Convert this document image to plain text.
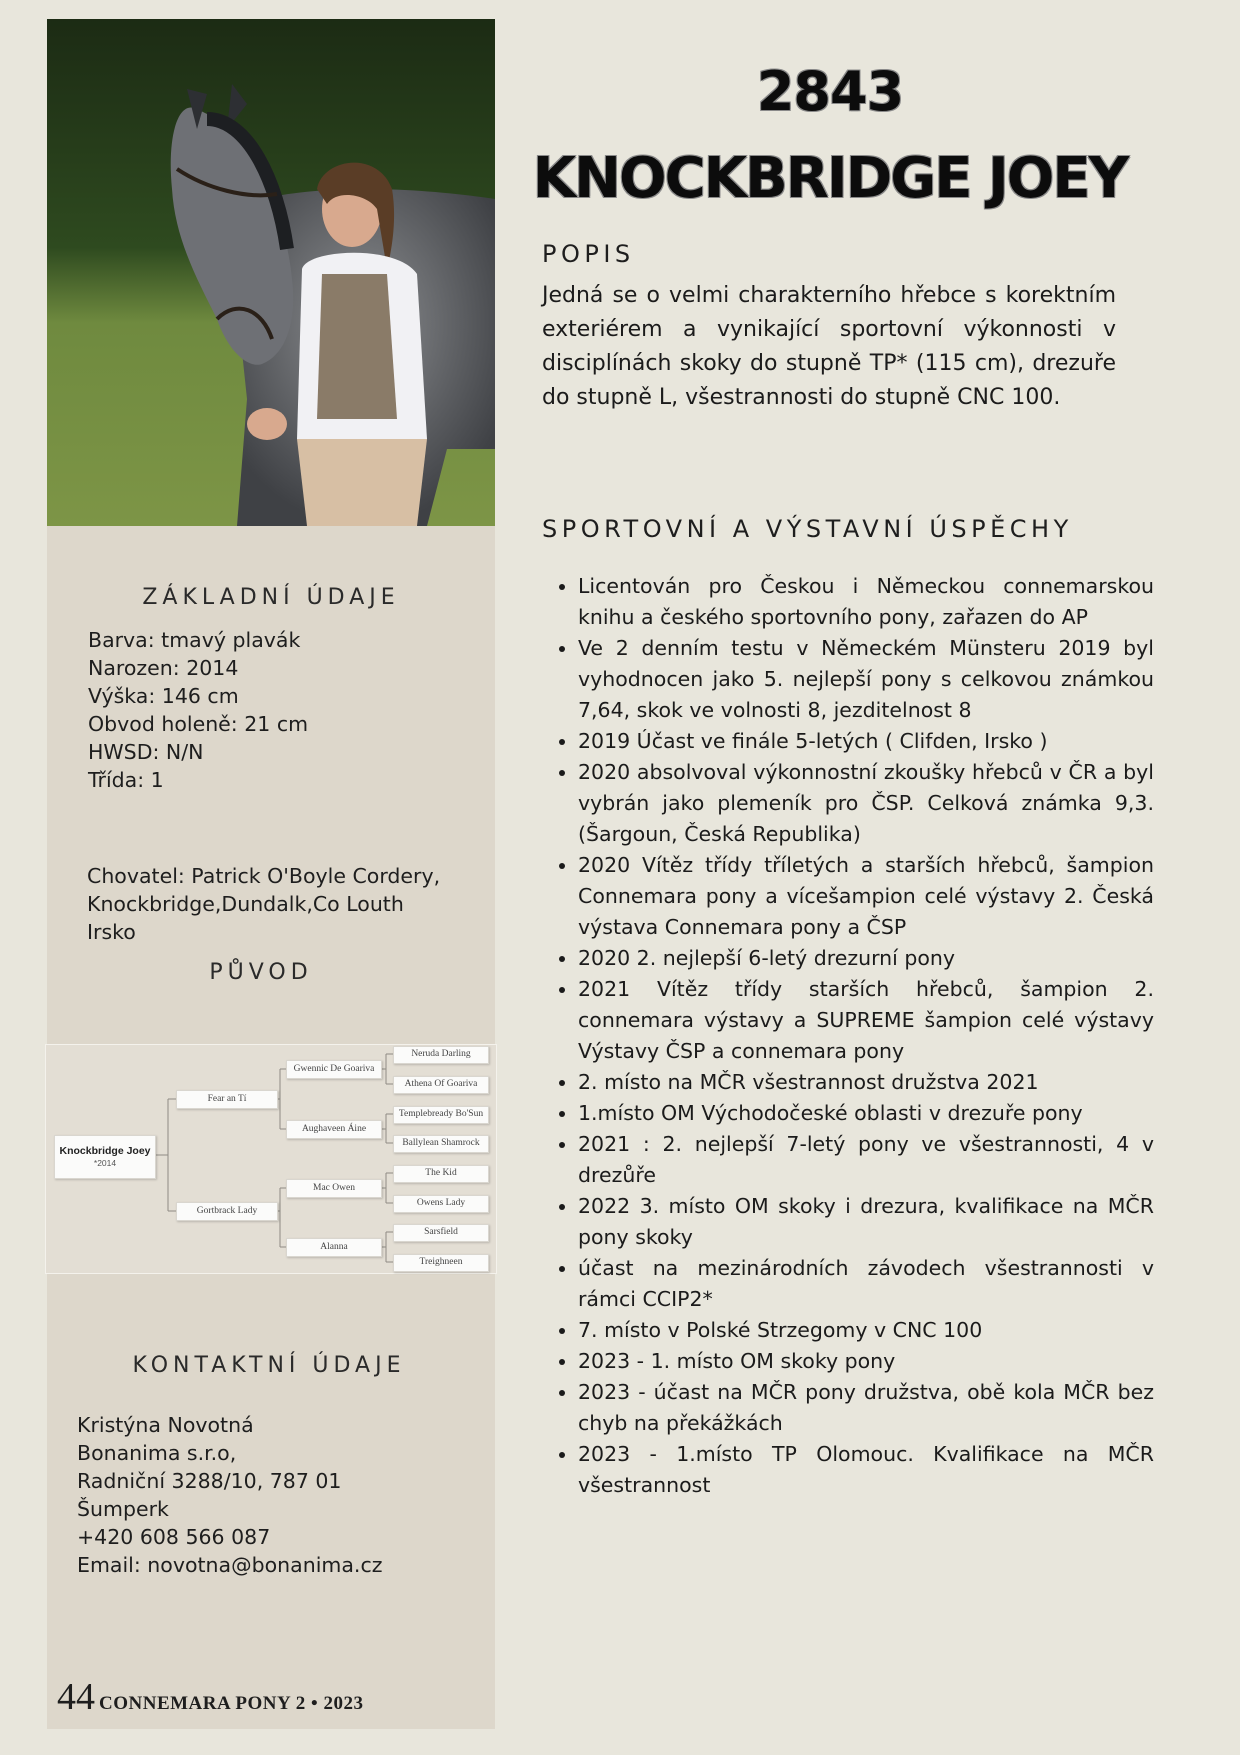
ZÁKLADNÍ ÚDAJE
Barva: tmavý plavák
Narozen: 2014
Výška: 146 cm
Obvod holeně: 21 cm
HWSD: N/N
Třída: 1
Chovatel: Patrick O'Boyle Cordery,
Knockbridge,Dundalk,Co Louth
Irsko
PŮVOD
Knockbridge Joey
*2014
Fear an Tí
Gortbrack Lady
Gwennic De Goariva
Aughaveen Áine
Mac Owen
Alanna
Neruda Darling
Athena Of Goariva
Templebready Bo'Sun
Ballylean Shamrock
The Kid
Owens Lady
Sarsfield
Treighneen
KONTAKTNÍ ÚDAJE
Kristýna Novotná
Bonanima s.r.o,
Radniční 3288/10, 787 01
Šumperk
+420 608 566 087
Email: novotna@bonanima.cz
44 CONNEMARA PONY 2 • 2023
2843
KNOCKBRIDGE JOEY
POPIS

Jedná se o velmi charakterního hřebce s korektním exteriérem a vynikající sportovní výkonnosti v disciplínách skoky do stupně TP* (115 cm), drezuře do stupně L, všestrannosti do stupně CNC 100.

SPORTOVNÍ A VÝSTAVNÍ ÚSPĚCHY
• Licentován pro Českou i Německou connemarskou knihu a českého sportovního pony, zařazen do AP
• Ve 2 denním testu v Německém Münsteru 2019 byl vyhodnocen jako 5. nejlepší pony s celkovou známkou 7,64, skok ve volnosti 8, jezditelnost 8
• 2019 Účast ve finále 5-letých ( Clifden, Irsko )
• 2020 absolvoval výkonnostní zkoušky hřebců v ČR a byl vybrán jako plemeník pro ČSP. Celková známka 9,3. (Šargoun, Česká Republika)
• 2020 Vítěz třídy tříletých a starších hřebců, šampion Connemara pony a vícešampion celé výstavy 2. Česká výstava Connemara pony a ČSP
• 2020 2. nejlepší 6-letý drezurní pony
• 2021 Vítěz třídy starších hřebců, šampion 2. connemara výstavy a SUPREME šampion celé výstavy Výstavy ČSP a connemara pony
• 2. místo na MČR všestrannost družstva 2021
• 1.místo OM Východočeské oblasti v drezuře pony
• 2021 : 2. nejlepší 7-letý pony ve všestrannosti, 4 v drezůře
• 2022 3. místo OM skoky i drezura, kvalifikace na MČR pony skoky
• účast na mezinárodních závodech všestrannosti v rámci CCIP2*
• 7. místo v Polské Strzegomy v CNC 100
• 2023 - 1. místo OM skoky pony
• 2023 - účast na MČR pony družstva, obě kola MČR bez chyb na překážkách
• 2023 - 1.místo TP Olomouc. Kvalifikace na MČR všestrannost
